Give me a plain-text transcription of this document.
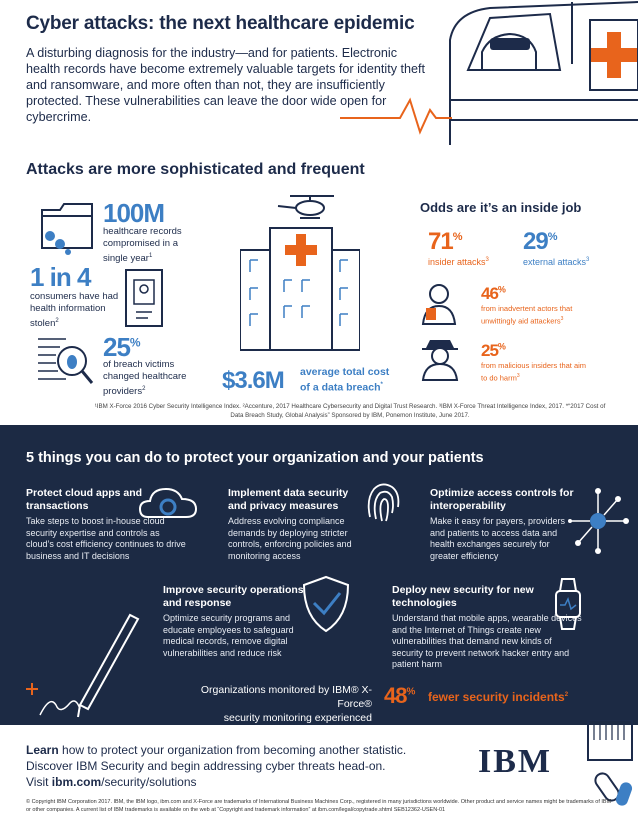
Cyber attacks: the next healthcare epidemic
A disturbing diagnosis for the industry—and for patients. Electronic health records have become extremely valuable targets for identity theft and ransomware, and more often than not, they are insufficiently protected. These vulnerabilities can leave the door wide open for cybercrime.
Attacks are more sophisticated and frequent
100M
healthcare records compromised in a single year$^1$
1 in 4
consumers have had health information stolen$^2$
25%
of breach victims changed healthcare providers$^2$	$3.6M average total cost of a data breach*
Odds are it’s an inside job
71%
insider attacks$^3$
29%
external attacks$^3$
46%
from inadvertent actors that unwittingly aid attackers$^3$
25%
from malicious insiders that aim to do harm$^3$
¹IBM X-Force 2016 Cyber Security Intelligence Index. ²Accenture, 2017 Healthcare Cybersecurity and Digital Trust Research. ³IBM X-Force Threat Intelligence Index, 2017. *“2017 Cost of Data Breach Study, Global Analysis” Sponsored by IBM, Ponemon Institute, June 2017.
5 things you can do to protect your organization and your patients
Protect cloud apps and transactions
Take steps to boost in-house cloud security expertise and controls as cloud’s cost efficiency continues to drive business and IT decisions
Implement data security and privacy measures
Address evolving compliance demands by deploying stricter controls, enforcing policies and monitoring access
Optimize access controls for interoperability
Make it easy for payers, providers and patients to access data and health exchanges securely for greater efficiency
Improve security operations and response
Optimize security programs and educate employees to safeguard medical records, remove digital vulnerabilities and reduce risk
Deploy new security for new technologies
Understand that mobile apps, wearable devices and the Internet of Things create new vulnerabilities that demand new kinds of security to prevent network hacker entry and patient harm
Organizations monitored by IBM® X-Force®
security monitoring experienced
48% fewer security incidents$^2$
Learn how to protect your organization from becoming another statistic.
Discover IBM Security and begin addressing cyber threats head-on.
Visit ibm.com/security/solutions
IBM
© Copyright IBM Corporation 2017. IBM, the IBM logo, ibm.com and X-Force are trademarks of International Business Machines Corp., registered in many jurisdictions worldwide. Other product and service names might be trademarks of IBM or other companies. A current list of IBM trademarks is available on the web at “Copyright and trademark information” at ibm.com/legal/copytrade.shtml SEB12362-USEN-01
